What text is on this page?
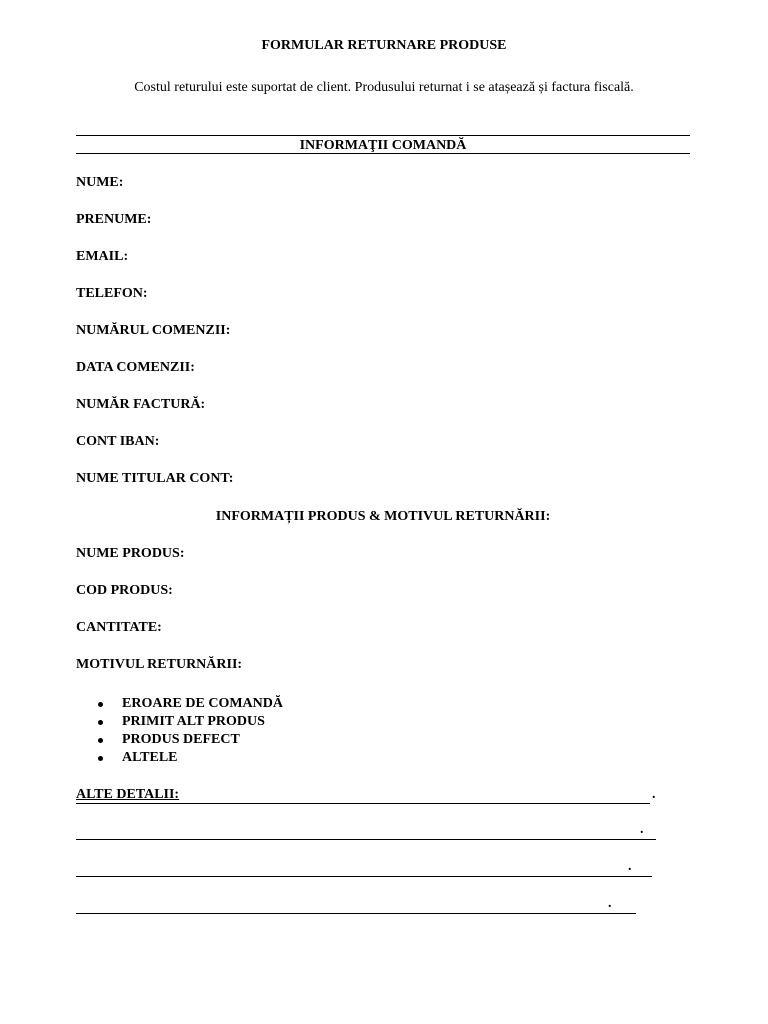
FORMULAR RETURNARE PRODUSE
Costul returului este suportat de client. Produsului returnat i se atașează și factura fiscală.
INFORMAŢII COMANDĂ
NUME:
PRENUME:
EMAIL:
TELEFON:
NUMĂRUL COMENZII:
DATA COMENZII:
NUMĂR FACTURĂ:
CONT IBAN:
NUME TITULAR CONT:
INFORMAȚII PRODUS & MOTIVUL RETURNĂRII:
NUME PRODUS:
COD PRODUS:
CANTITATE:
MOTIVUL RETURNĂRII:
EROARE DE COMANDĂ
PRIMIT ALT PRODUS
PRODUS DEFECT
ALTELE
ALTE DETALII:	.
.
.
.
